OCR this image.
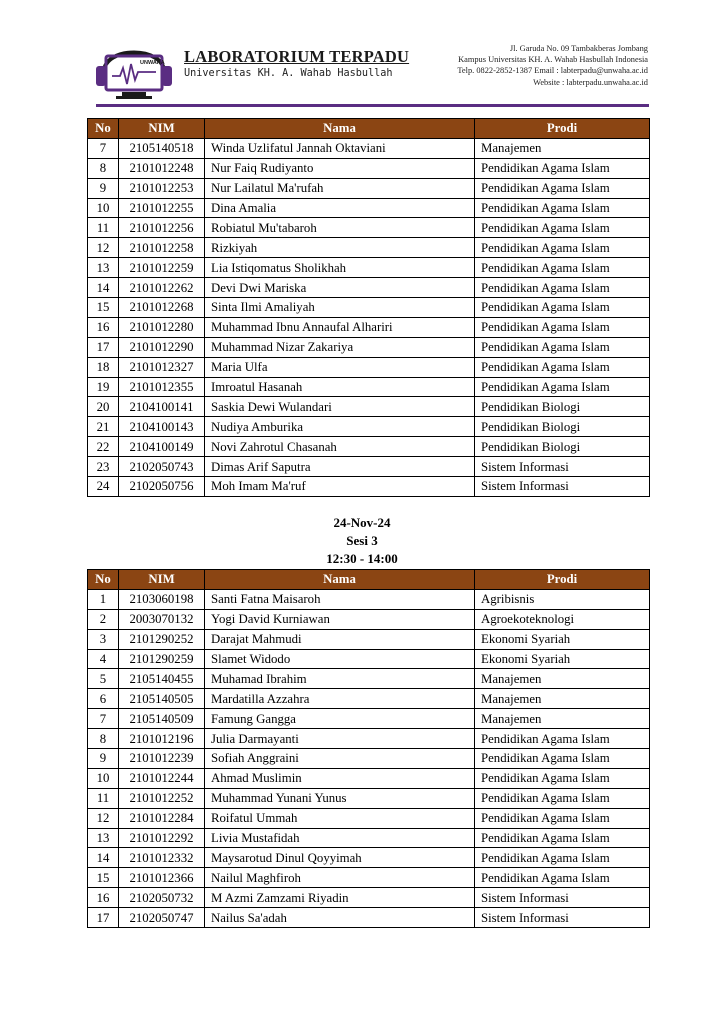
UNWAHA LABORATORIUM TERPADU
Universitas KH. A. Wahab Hasbullah
Jl. Garuda No. 09 Tambakberas Jombang
Kampus Universitas KH. A. Wahab Hasbullah Indonesia
Telp. 0822-2852-1387 Email : labterpadu@unwaha.ac.id
Website : labterpadu.unwaha.ac.id
No	NIM	Nama	Prodi
7	2105140518	Winda Uzlifatul Jannah Oktaviani	Manajemen
8	2101012248	Nur Faiq Rudiyanto	Pendidikan Agama Islam
9	2101012253	Nur Lailatul Ma'rufah	Pendidikan Agama Islam
10	2101012255	Dina Amalia	Pendidikan Agama Islam
11	2101012256	Robiatul Mu'tabaroh	Pendidikan Agama Islam
12	2101012258	Rizkiyah	Pendidikan Agama Islam
13	2101012259	Lia Istiqomatus Sholikhah	Pendidikan Agama Islam
14	2101012262	Devi Dwi Mariska	Pendidikan Agama Islam
15	2101012268	Sinta Ilmi Amaliyah	Pendidikan Agama Islam
16	2101012280	Muhammad Ibnu Annaufal Alhariri	Pendidikan Agama Islam
17	2101012290	Muhammad Nizar Zakariya	Pendidikan Agama Islam
18	2101012327	Maria Ulfa	Pendidikan Agama Islam
19	2101012355	Imroatul Hasanah	Pendidikan Agama Islam
20	2104100141	Saskia Dewi Wulandari	Pendidikan Biologi
21	2104100143	Nudiya Amburika	Pendidikan Biologi
22	2104100149	Novi Zahrotul Chasanah	Pendidikan Biologi
23	2102050743	Dimas Arif Saputra	Sistem Informasi
24	2102050756	Moh Imam Ma'ruf	Sistem Informasi
24-Nov-24
Sesi 3
12:30 - 14:00
No	NIM	Nama	Prodi
1	2103060198	Santi Fatna Maisaroh	Agribisnis
2	2003070132	Yogi David Kurniawan	Agroekoteknologi
3	2101290252	Darajat Mahmudi	Ekonomi Syariah
4	2101290259	Slamet Widodo	Ekonomi Syariah
5	2105140455	Muhamad Ibrahim	Manajemen
6	2105140505	Mardatilla Azzahra	Manajemen
7	2105140509	Famung Gangga	Manajemen
8	2101012196	Julia Darmayanti	Pendidikan Agama Islam
9	2101012239	Sofiah Anggraini	Pendidikan Agama Islam
10	2101012244	Ahmad Muslimin	Pendidikan Agama Islam
11	2101012252	Muhammad Yunani Yunus	Pendidikan Agama Islam
12	2101012284	Roifatul Ummah	Pendidikan Agama Islam
13	2101012292	Livia Mustafidah	Pendidikan Agama Islam
14	2101012332	Maysarotud Dinul Qoyyimah	Pendidikan Agama Islam
15	2101012366	Nailul Maghfiroh	Pendidikan Agama Islam
16	2102050732	M Azmi Zamzami Riyadin	Sistem Informasi
17	2102050747	Nailus Sa'adah	Sistem Informasi
